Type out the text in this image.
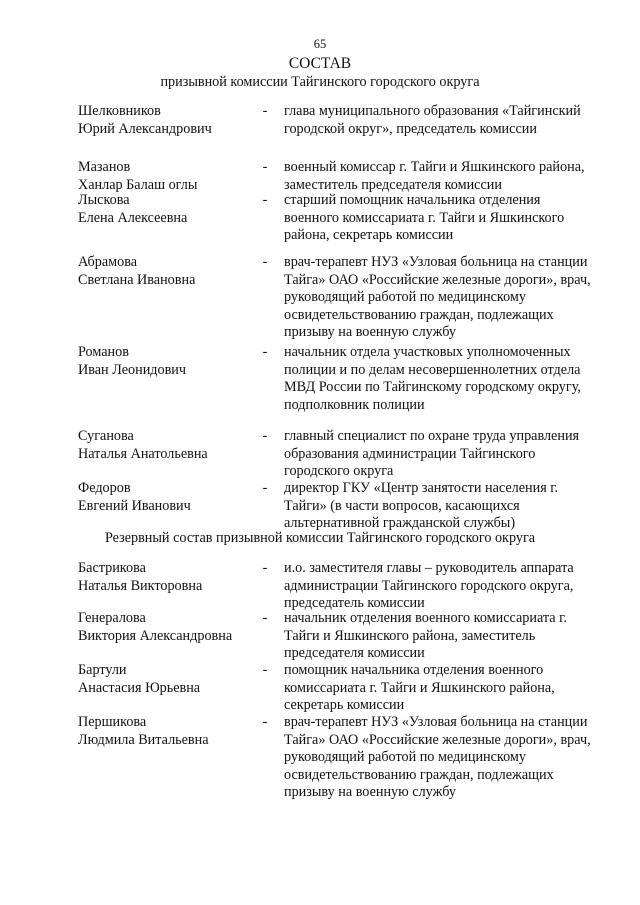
65
СОСТАВ
призывной комиссии Тайгинского городского округа
Шелковников
Юрий Александрович
- глава муниципального образования «Тайгинский городской округ», председатель комиссии
Мазанов
Ханлар Балаш оглы
- военный комиссар г. Тайги и Яшкинского района, заместитель председателя комиссии
Лыскова
Елена Алексеевна
- старший помощник начальника отделения военного комиссариата г. Тайги и Яшкинского района, секретарь комиссии
Абрамова
Светлана Ивановна
- врач-терапевт НУЗ «Узловая больница на станции Тайга» ОАО «Российские железные дороги», врач, руководящий работой по медицинскому освидетельствованию граждан, подлежащих призыву на военную службу
Романов
Иван Леонидович
- начальник отдела участковых уполномоченных полиции и по делам несовершеннолетних отдела МВД России по Тайгинскому городскому округу, подполковник полиции
Суганова
Наталья Анатольевна
- главный специалист по охране труда управления образования администрации Тайгинского городского округа
Федоров
Евгений Иванович
- директор ГКУ «Центр занятости населения г. Тайги» (в части вопросов, касающихся альтернативной гражданской службы)
Резервный состав призывной комиссии Тайгинского городского округа
Бастрикова
Наталья Викторовна
- и.о. заместителя главы – руководитель аппарата администрации Тайгинского городского округа, председатель комиссии
Генералова
Виктория Александровна
- начальник отделения военного комиссариата г. Тайги и Яшкинского района, заместитель председателя комиссии
Бартули
Анастасия Юрьевна
- помощник начальника отделения военного комиссариата г. Тайги и Яшкинского района, секретарь комиссии
Першикова
Людмила Витальевна
- врач-терапевт НУЗ «Узловая больница на станции Тайга» ОАО «Российские железные дороги», врач, руководящий работой по медицинскому освидетельствованию граждан, подлежащих призыву на военную службу
